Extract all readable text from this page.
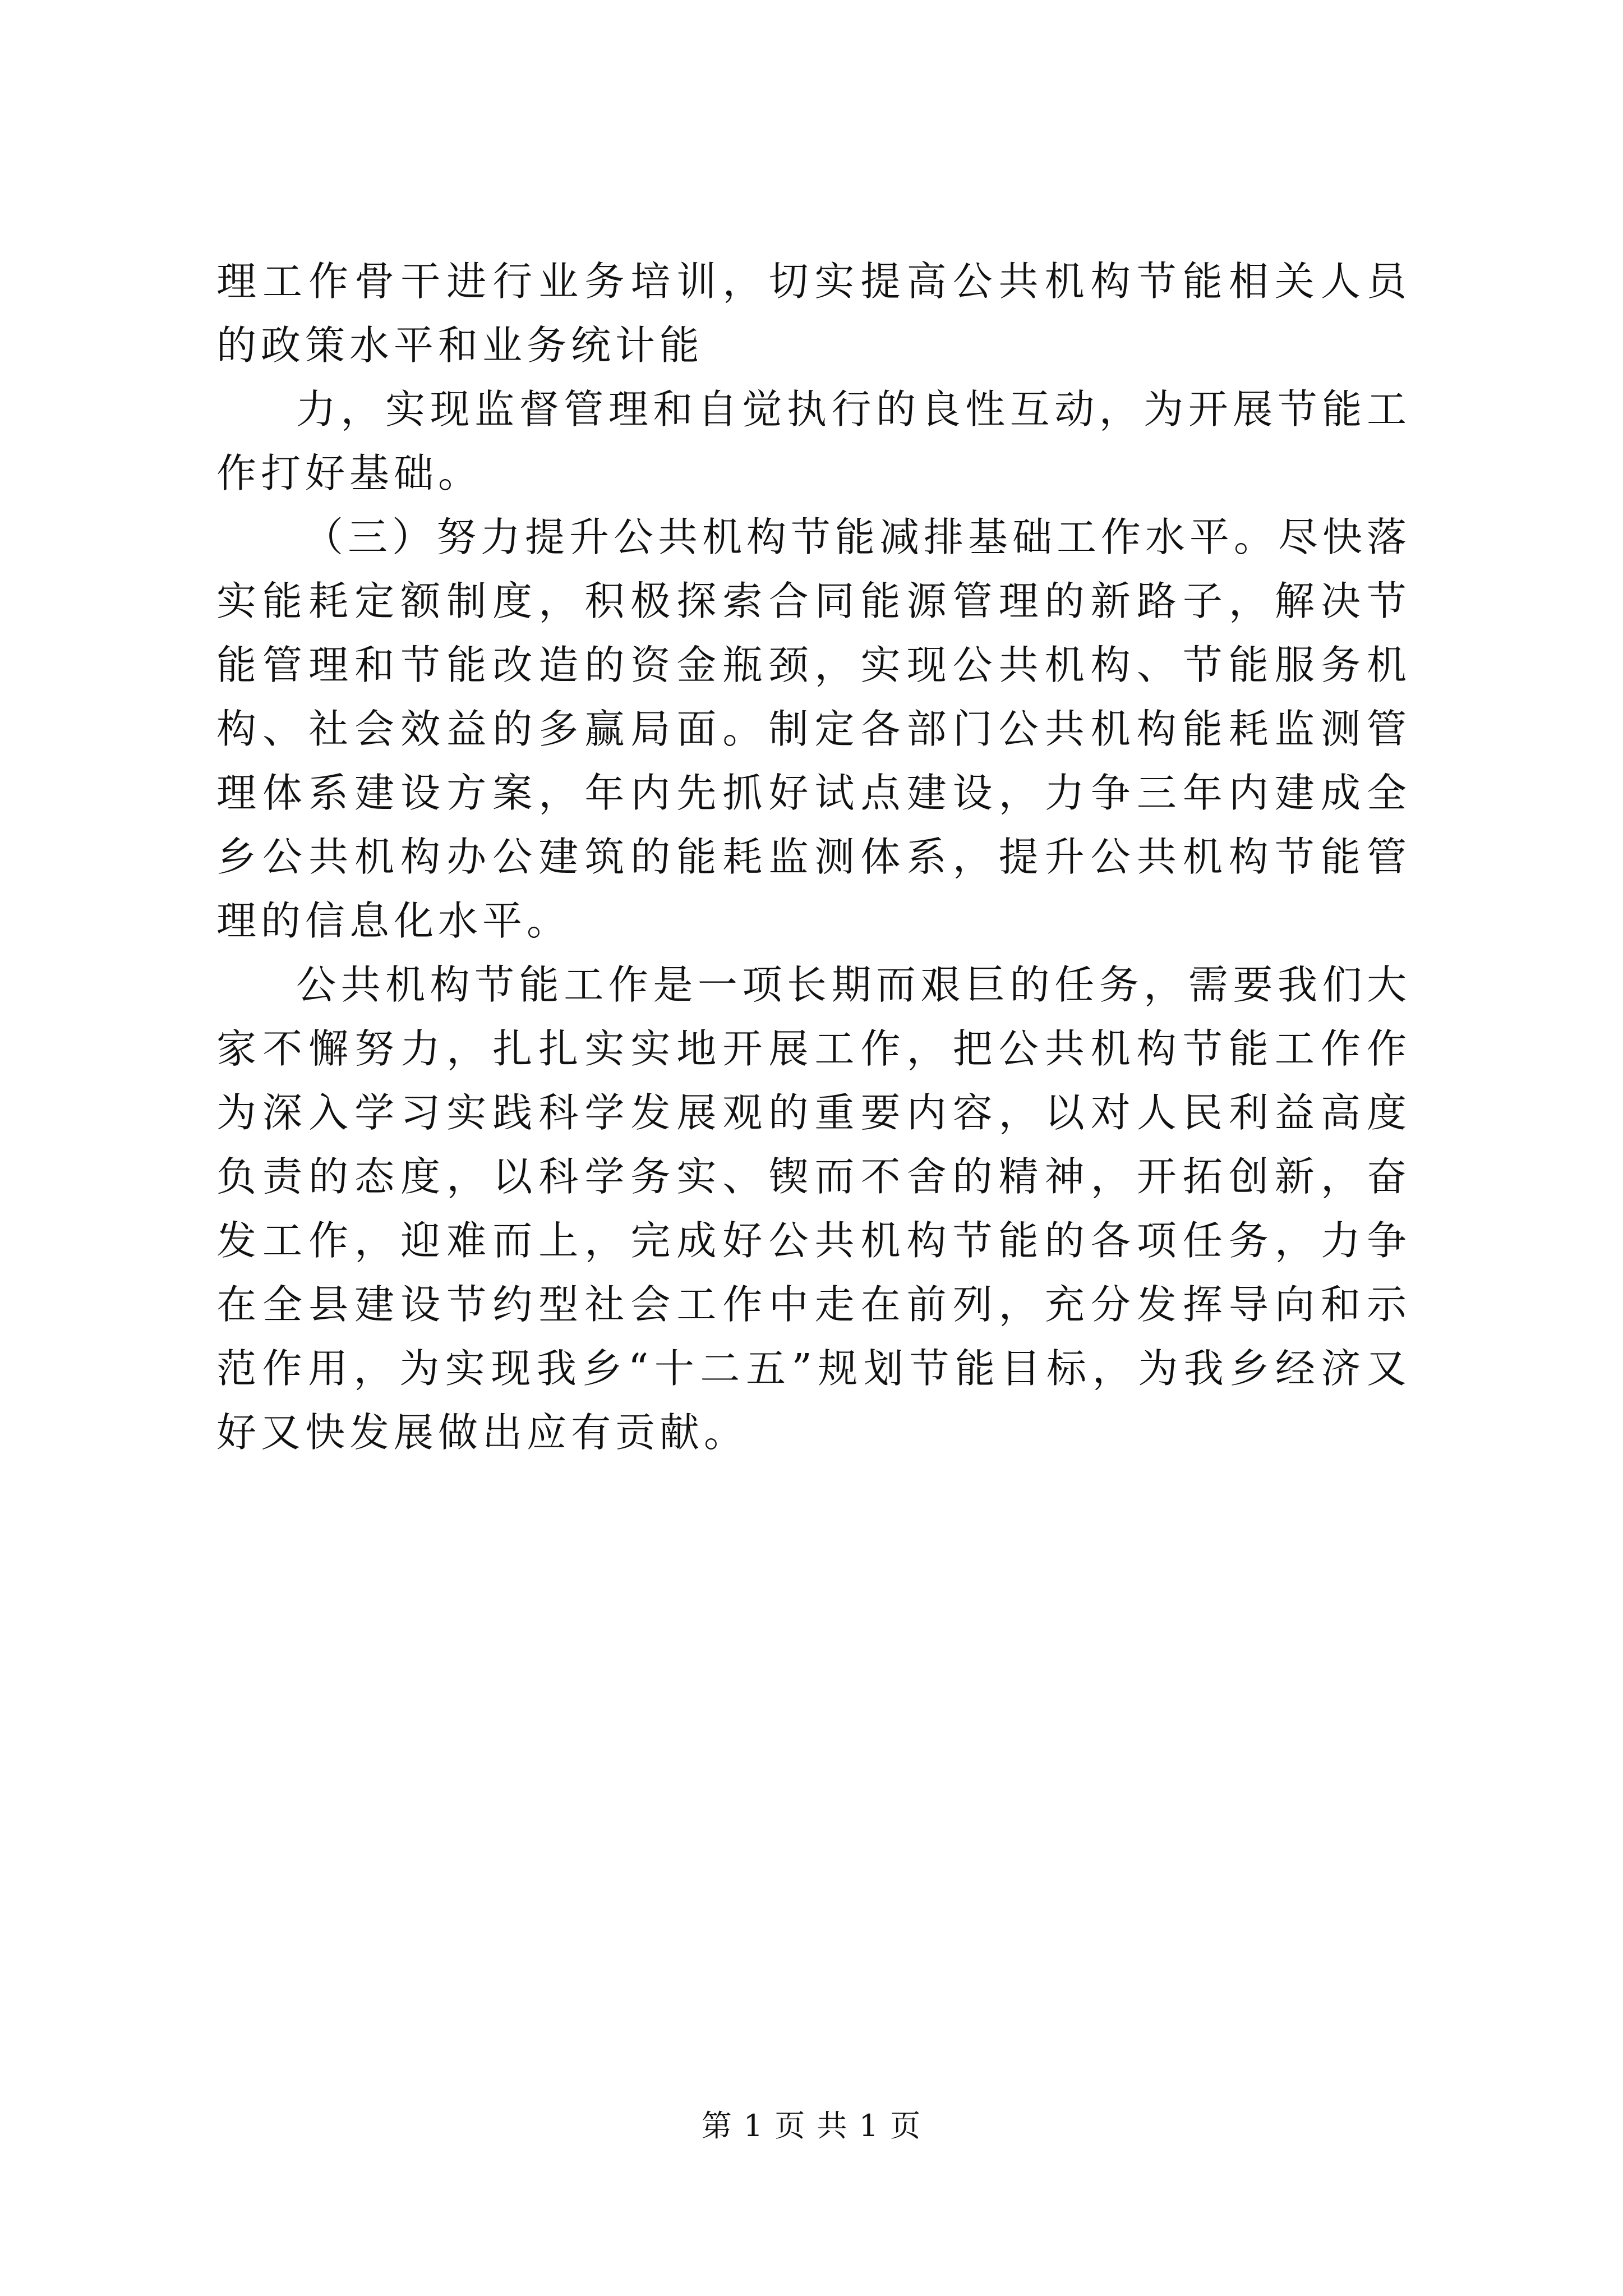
理工作骨干进行业务培训，切实提高公共机构节能相关人员的政策水平和业务统计能

力，实现监督管理和自觉执行的良性互动，为开展节能工作打好基础。

（三）努力提升公共机构节能减排基础工作水平。尽快落实能耗定额制度，积极探索合同能源管理的新路子，解决节能管理和节能改造的资金瓶颈，实现公共机构、节能服务机构、社会效益的多赢局面。制定各部门公共机构能耗监测管理体系建设方案，年内先抓好试点建设，力争三年内建成全乡公共机构办公建筑的能耗监测体系，提升公共机构节能管理的信息化水平。

公共机构节能工作是一项长期而艰巨的任务，需要我们大家不懈努力，扎扎实实地开展工作，把公共机构节能工作作为深入学习实践科学发展观的重要内容，以对人民利益高度负责的态度，以科学务实、锲而不舍的精神，开拓创新，奋发工作，迎难而上，完成好公共机构节能的各项任务，力争在全县建设节约型社会工作中走在前列，充分发挥导向和示范作用，为实现我乡“十二五”规划节能目标，为我乡经济又好又快发展做出应有贡献。

第 1 页 共 1 页
